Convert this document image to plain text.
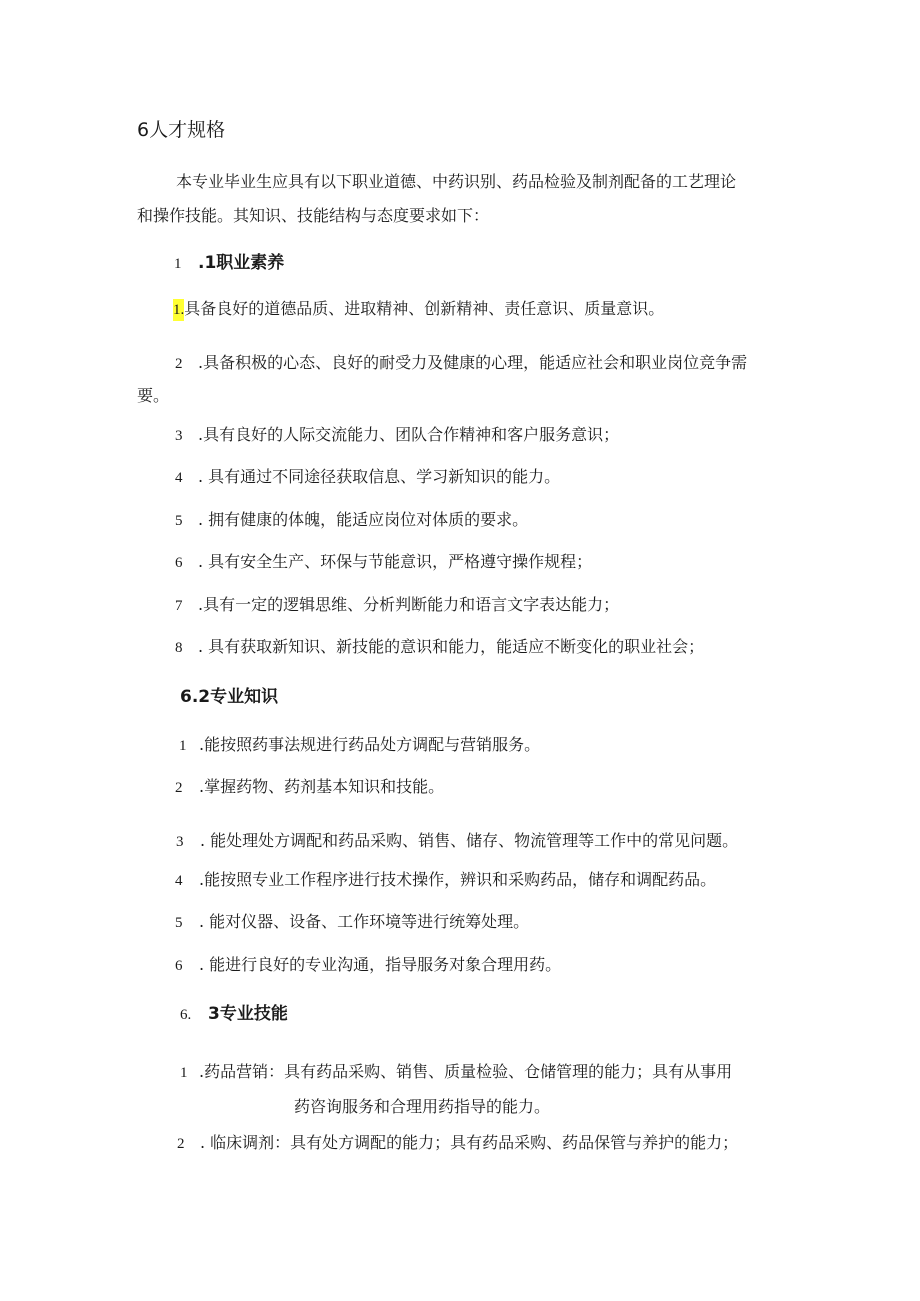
6人才规格
本专业毕业生应具有以下职业道德、中药识别、药品检验及制剂配备的工艺理论
和操作技能。其知识、技能结构与态度要求如下：
1 .1职业素养
1.具备良好的道德品质、进取精神、创新精神、责任意识、质量意识。
2 .具备积极的心态、良好的耐受力及健康的心理，能适应社会和职业岗位竞争需
要。
3 .具有良好的人际交流能力、团队合作精神和客户服务意识；
4 . 具有通过不同途径获取信息、学习新知识的能力。
5 . 拥有健康的体魄，能适应岗位对体质的要求。
6 . 具有安全生产、环保与节能意识，严格遵守操作规程；
7 .具有一定的逻辑思维、分析判断能力和语言文字表达能力；
8 . 具有获取新知识、新技能的意识和能力，能适应不断变化的职业社会；
6.2专业知识
1 .能按照药事法规进行药品处方调配与营销服务。
2 .掌握药物、药剂基本知识和技能。
3 . 能处理处方调配和药品采购、销售、储存、物流管理等工作中的常见问题。
4 .能按照专业工作程序进行技术操作，辨识和采购药品，储存和调配药品。
5 . 能对仪器、设备、工作环境等进行统筹处理。
6 . 能进行良好的专业沟通，指导服务对象合理用药。
6. 3专业技能
1 .药品营销：具有药品采购、销售、质量检验、仓储管理的能力；具有从事用
药咨询服务和合理用药指导的能力。
2 . 临床调剂：具有处方调配的能力；具有药品采购、药品保管与养护的能力；
